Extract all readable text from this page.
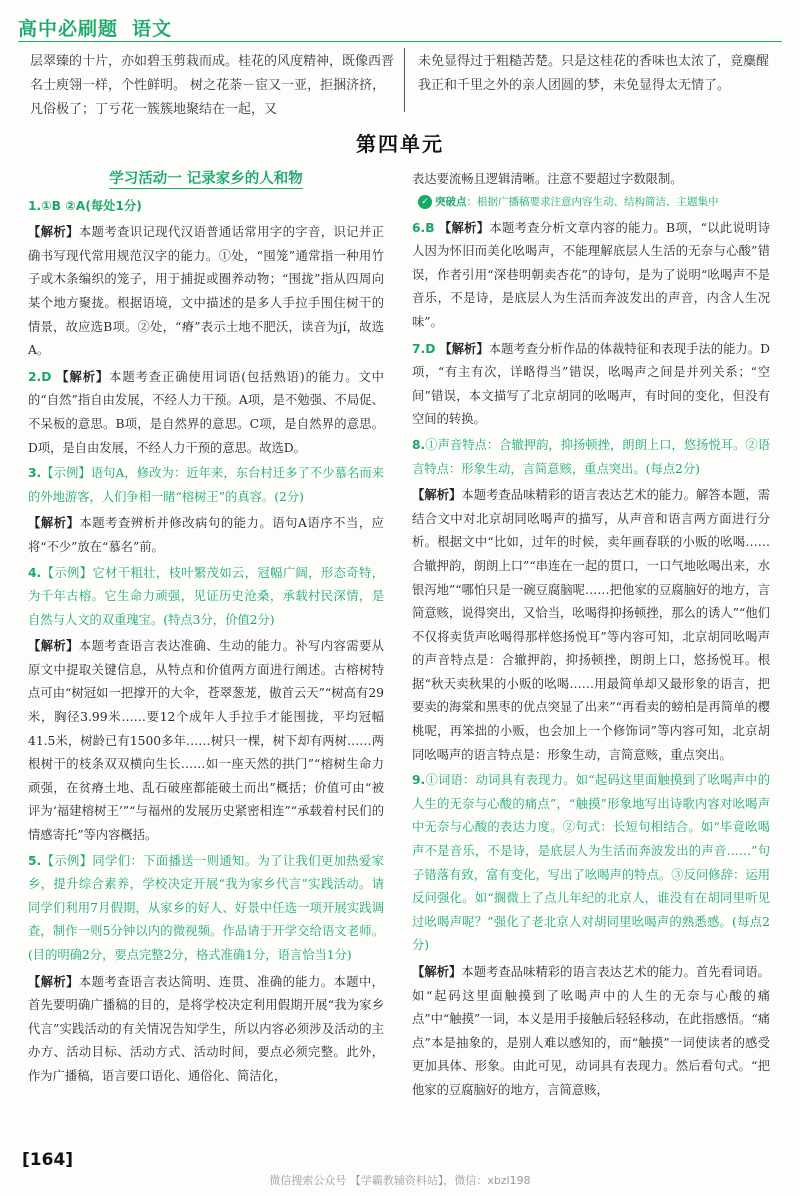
高中必刷题 语文
层翠臻的十片，亦如碧玉剪栽而成。桂花的风度精神，既像西晋名士庾翎一样，个性鲜明。 树之花荼－宦又一亚，拒捆济挤，凡俗极了；丁亏花一簇簇地聚结在一起，又
未免显得过于粗糙苦楚。只是这桂花的香味也太浓了，竟麋醒我正和千里之外的亲人团圆的梦，未免显得太无情了。
第四单元
学习活动一 记录家乡的人和物

1.①B ②A(每处1分)

【解析】本题考查识记现代汉语普通话常用字的字音，识记并正确书写现代常用规范汉字的能力。①处，“囤笼”通常指一种用竹子或木条编织的笼子，用于捕捉或圈养动物；“围拢”指从四周向某个地方聚拢。根据语境，文中描述的是多人手拉手围住树干的情景，故应选B项。②处，“瘠”表示土地不肥沃，读音为jí，故选A。

2.D 【解析】本题考查正确使用词语(包括熟语)的能力。文中的“自然”指自由发展，不经人力干预。A项，是不勉强、不局促、不呆板的意思。B项，是自然界的意思。C项，是自然界的意思。D项，是自由发展，不经人力干预的意思。故选D。

3.【示例】语句A，修改为：近年来，东台村迁多了不少慕名而来的外地游客，人们争相一睹“榕树王”的真容。(2分)

【解析】本题考查辨析并修改病句的能力。语句A语序不当，应将“不少”放在“慕名”前。

4.【示例】它材干粗壮，枝叶繁茂如云，冠幅广阔，形态奇特，为千年古榕。它生命力顽强，见证历史沧桑，承载村民深情，是自然与人文的双重瑰宝。(特点3分，价值2分)

【解析】本题考查语言表达准确、生动的能力。补写内容需要从原文中提取关键信息，从特点和价值两方面进行阐述。古榕树特点可由“树冠如一把撑开的大伞，苍翠葱茏，傲首云天”“树高有29米，胸径3.99米……要12个成年人手拉手才能围拢，平均冠幅41.5米，树龄已有1500多年……树只一棵，树下却有两树……两根树干的枝条双双横向生长……如一座天然的拱门”“榕树生命力顽强，在贫瘠土地、乱石破座都能破土而出”概括；价值可由“被评为‘福建榕树王’”“与福州的发展历史紧密相连”“承载着村民们的情感寄托”等内容概括。

5.【示例】同学们：下面播送一则通知。为了让我们更加热爱家乡，提升综合素养，学校决定开展“我为家乡代言”实践活动。请同学们利用7月假期，从家乡的好人、好景中任选一项开展实践调查，制作一则5分钟以内的微视频。作品请于开学交给语文老师。(目的明确2分，要点完整2分，格式准确1分，语言恰当1分)

【解析】本题考查语言表达简明、连贯、准确的能力。本题中，首先要明确广播稿的目的，是将学校决定利用假期开展“我为家乡代言”实践活动的有关情况告知学生，所以内容必须涉及活动的主办方、活动目标、活动方式、活动时间，要点必须完整。此外，作为广播稿，语言要口语化、通俗化、简洁化，

表达要流畅且逻辑清晰。注意不要超过字数限制。

✓ 突破点：根据广播稿要求注意内容生动、结构简洁、主题集中

6.B 【解析】本题考查分析文章内容的能力。B项，“以此说明诗人因为怀旧而美化吆喝声，不能理解底层人生活的无奈与心酸”错误，作者引用“深巷明朝卖杏花”的诗句，是为了说明“吆喝声不是音乐，不是诗，是底层人为生活而奔波发出的声音，内含人生况味”。

7.D 【解析】本题考查分析作品的体裁特征和表现手法的能力。D项，“有主有次，详略得当”错误，吆喝声之间是并列关系；“空间”错误，本文描写了北京胡同的吆喝声，有时间的变化，但没有空间的转换。

8.①声音特点：合辙押韵，抑扬顿挫，朗朗上口，悠扬悦耳。②语言特点：形象生动，言简意赅，重点突出。(每点2分)

【解析】本题考查品味精彩的语言表达艺术的能力。解答本题，需结合文中对北京胡同吆喝声的描写，从声音和语言两方面进行分析。根据文中“比如，过年的时候，卖年画春联的小贩的吆喝……合辙押韵，朗朗上口”“串连在一起的贯口，一口气地吆喝出来，水银泻地”“哪怕只是一碗豆腐脑呢……把他家的豆腐脑好的地方，言简意赅，说得突出，又恰当，吆喝得抑扬顿挫，那么的诱人”“他们不仅将卖货声吆喝得那样悠扬悦耳”等内容可知，北京胡同吆喝声的声音特点是：合辙押韵，抑扬顿挫，朗朗上口，悠扬悦耳。根据“秋天卖秋果的小贩的吆喝……用最简单却又最形象的语言，把要卖的海棠和黑枣的优点突显了出来”“再看卖的螃柏是再简单的樱桃呢，再笨拙的小贩，也会加上一个修饰词”等内容可知，北京胡同吆喝声的语言特点是：形象生动，言简意赅，重点突出。

9.①词语：动词具有表现力。如“起码这里面触摸到了吆喝声中的人生的无奈与心酸的痛点”，“触摸”形象地写出诗歌内容对吆喝声中无奈与心酸的表达力度。②句式：长短句相结合。如“毕竟吆喝声不是音乐，不是诗，是底层人为生活而奔波发出的声音……”句子错落有致，富有变化，写出了吆喝声的特点。③反问修辞：运用反问强化。如“搁微上了点儿年纪的北京人，谁没有在胡同里听见过吆喝声呢？”强化了老北京人对胡同里吆喝声的熟悉感。(每点2分)

【解析】本题考查品味精彩的语言表达艺术的能力。首先看词语。如“起码这里面触摸到了吆喝声中的人生的无奈与心酸的痛点”中“触摸”一词，本义是用手接触后轻轻移动，在此指感悟。“痛点”本是抽象的，是别人难以感知的，而“触摸”一词使读者的感受更加具体、形象。由此可见，动词具有表现力。然后看句式。“把他家的豆腐脑好的地方，言简意赅，

[ 164 ]
微信搜索公众号 【学霸教辅资料站】，微信：xbzl198
